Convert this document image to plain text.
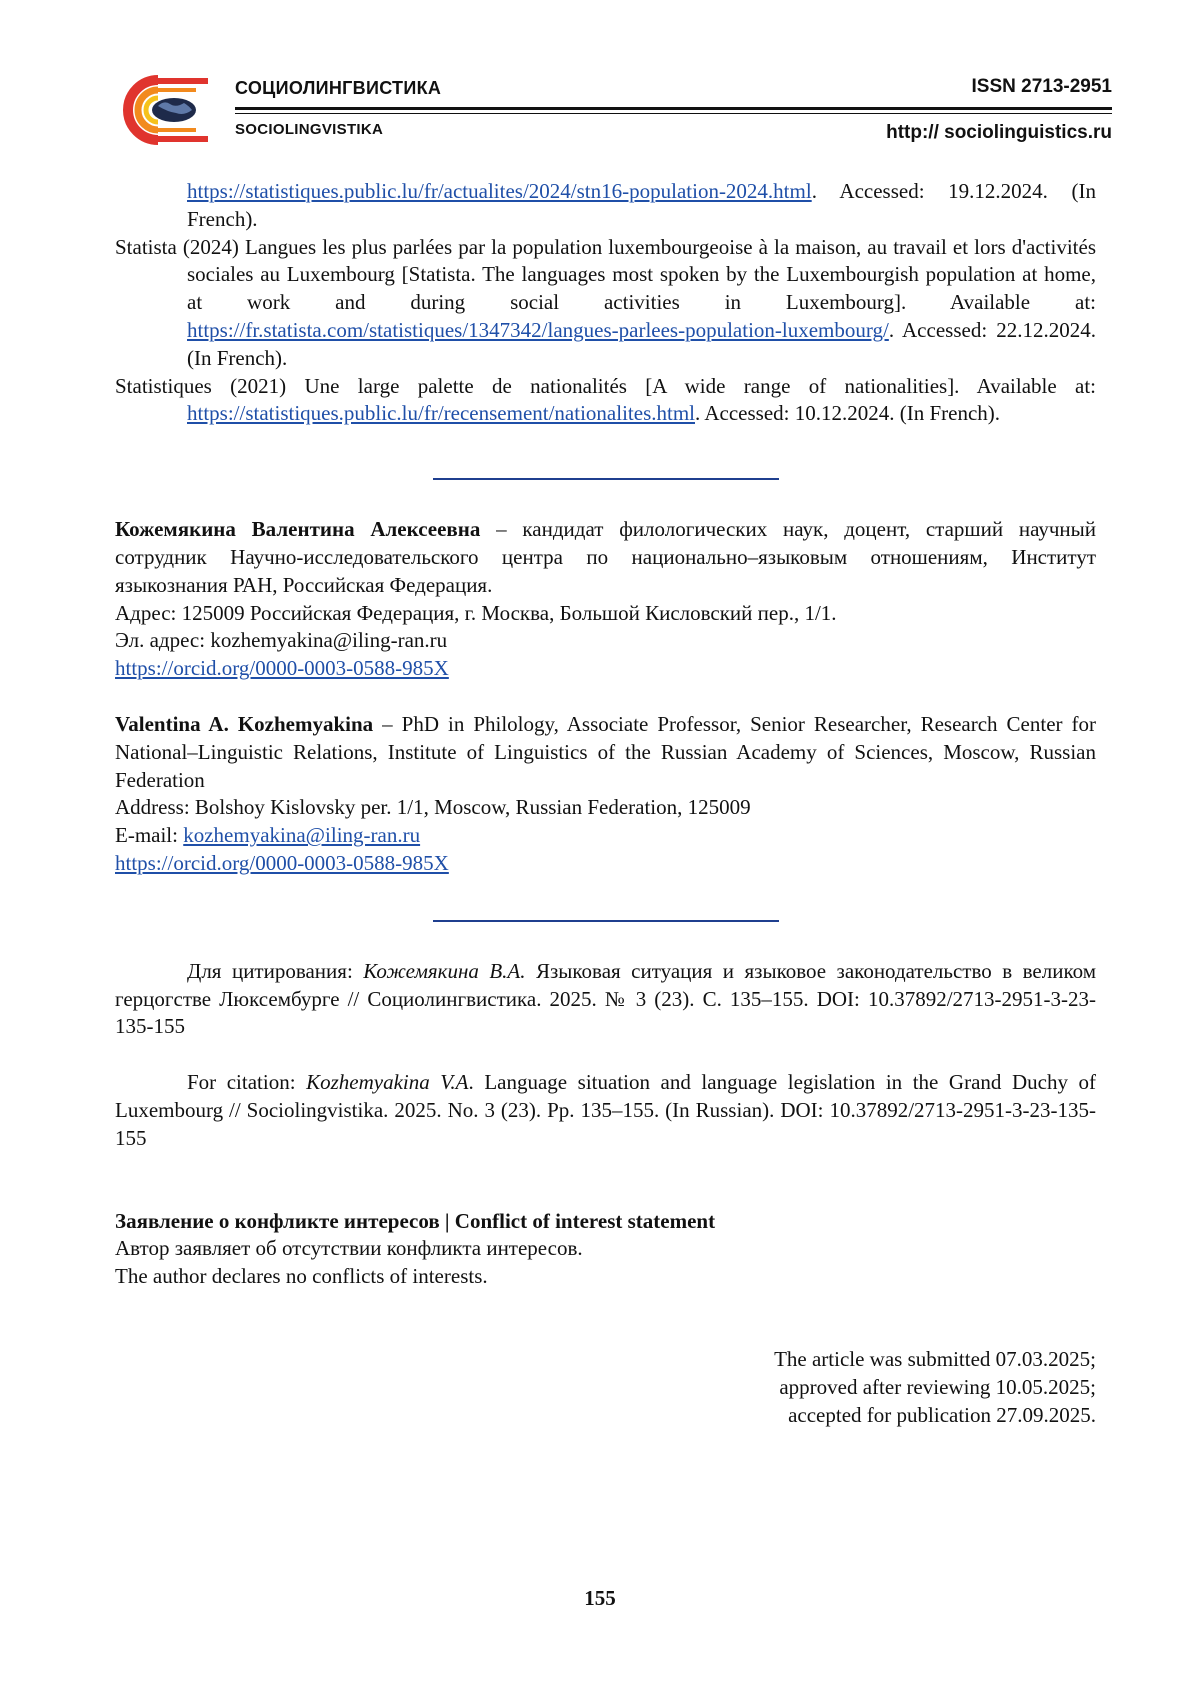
СОЦИОЛИНГВИСТИКА
SOCIOLINGVISTIKA
ISSN 2713-2951
http:// sociolinguistics.ru

https://statistiques.public.lu/fr/actualites/2024/stn16-population-2024.html. Accessed: 19.12.2024. (In French).

Statista (2024) Langues les plus parlées par la population luxembourgeoise à la maison, au travail et lors d'activités sociales au Luxembourg [Statista. The languages most spoken by the Luxembourgish population at home, at work and during social activities in Luxembourg]. Available at: https://fr.statista.com/statistiques/1347342/langues-parlees-population-luxembourg/. Accessed: 22.12.2024. (In French).

Statistiques (2021) Une large palette de nationalités [A wide range of nationalities]. Available at: https://statistiques.public.lu/fr/recensement/nationalites.html. Accessed: 10.12.2024. (In French).

Кожемякина Валентина Алексеевна – кандидат филологических наук, доцент, старший научный сотрудник Научно-исследовательского центра по национально–языковым отношениям, Институт языкознания РАН, Российская Федерация.

Адрес: 125009 Российская Федерация, г. Москва, Большой Кисловский пер., 1/1.

Эл. адрес: kozhemyakina@iling-ran.ru

https://orcid.org/0000-0003-0588-985X

Valentina A. Kozhemyakina – PhD in Philology, Associate Professor, Senior Researcher, Research Center for National–Linguistic Relations, Institute of Linguistics of the Russian Academy of Sciences, Moscow, Russian Federation

Address: Bolshoy Kislovsky per. 1/1, Moscow, Russian Federation, 125009

E-mail: kozhemyakina@iling-ran.ru

https://orcid.org/0000-0003-0588-985X

Для цитирования: Кожемякина В.А. Языковая ситуация и языковое законодательство в великом герцогстве Люксембурге // Социолингвистика. 2025. № 3 (23). С. 135–155. DOI: 10.37892/2713-2951-3-23-135-155

For citation: Kozhemyakina V.A. Language situation and language legislation in the Grand Duchy of Luxembourg // Sociolingvistika. 2025. No. 3 (23). Pp. 135–155. (In Russian). DOI: 10.37892/2713-2951-3-23-135-155

Заявление о конфликте интересов | Conflict of interest statement

Автор заявляет об отсутствии конфликта интересов.

The author declares no conflicts of interests.

The article was submitted 07.03.2025;

approved after reviewing 10.05.2025;

accepted for publication 27.09.2025.

155
